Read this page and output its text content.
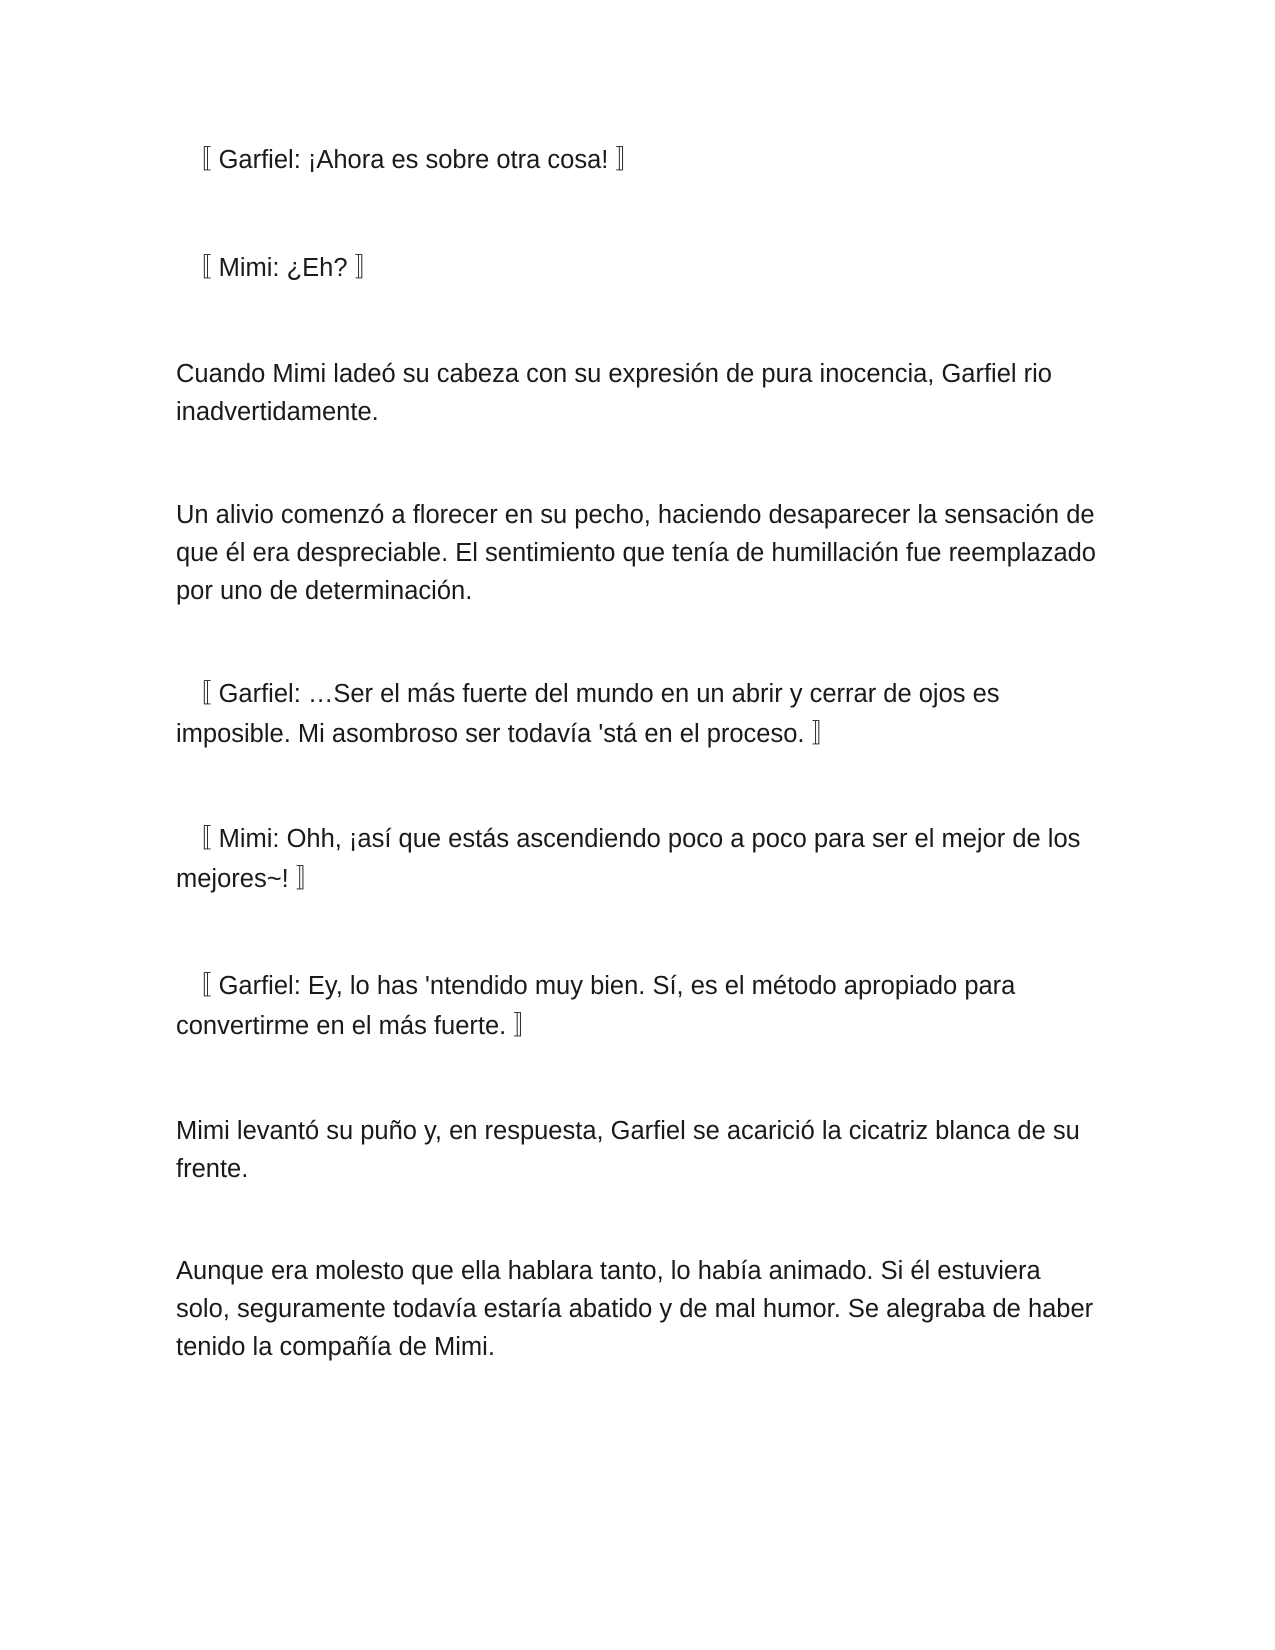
〚 Garfiel: ¡Ahora es sobre otra cosa! 〛

〚 Mimi: ¿Eh? 〛

Cuando Mimi ladeó su cabeza con su expresión de pura inocencia, Garfiel rio inadvertidamente.

Un alivio comenzó a florecer en su pecho, haciendo desaparecer la sensación de que él era despreciable. El sentimiento que tenía de humillación fue reemplazado por uno de determinación.

〚 Garfiel: …Ser el más fuerte del mundo en un abrir y cerrar de ojos es imposible. Mi asombroso ser todavía 'stá en el proceso. 〛

〚 Mimi: Ohh, ¡así que estás ascendiendo poco a poco para ser el mejor de los mejores~! 〛

〚 Garfiel: Ey, lo has 'ntendido muy bien. Sí, es el método apropiado para convertirme en el más fuerte. 〛

Mimi levantó su puño y, en respuesta, Garfiel se acarició la cicatriz blanca de su frente.

Aunque era molesto que ella hablara tanto, lo había animado. Si él estuviera solo, seguramente todavía estaría abatido y de mal humor. Se alegraba de haber tenido la compañía de Mimi.
